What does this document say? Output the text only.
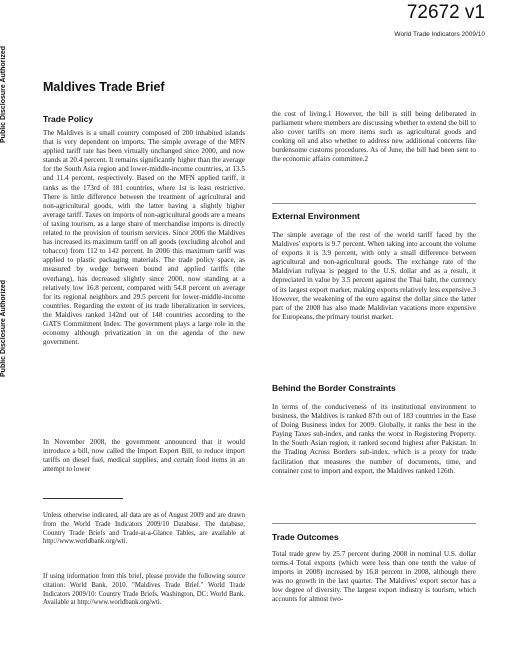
Public Disclosure Authorized
Public Disclosure Authorized
72672 v1
World Trade Indicators 2009/10
Maldives Trade Brief
Trade Policy

The Maldives is a small country composed of 200 inhabited islands that is very dependent on imports. The simple average of the MFN applied tariff rate has been virtually unchanged since 2000, and now stands at 20.4 percent. It remains significantly higher than the average for the South Asia region and lower-middle-income countries, at 13.5 and 11.4 percent, respectively. Based on the MFN applied tariff, it ranks as the 173rd of 181 countries, where 1st is least restrictive. There is little difference between the treatment of agricultural and non-agricultural goods, with the latter having a slightly higher average tariff. Taxes on imports of non-agricultural goods are a means of taxing tourism, as a large share of merchandise imports is directly related to the provision of tourism services. Since 2006 the Maldives has increased its maximum tariff on all goods (excluding alcohol and tobacco) from 112 to 142 percent. In 2006 this maximum tariff was applied to plastic packaging materials. The trade policy space, as measured by wedge between bound and applied tariffs (the overhang), has decreased slightly since 2000, now standing at a relatively low 16.8 percent, compared with 54.8 percent on average for its regional neighbors and 29.5 percent for lower-middle-income countries. Regarding the extent of its trade liberalization in services, the Maldives ranked 142nd out of 148 countries according to the GATS Commitment Index. The government plays a large role in the economy although privatization in on the agenda of the new government.

In November 2008, the government announced that it would introduce a bill, now called the Import Export Bill, to reduce import tariffs on diesel fuel, medical supplies, and certain food items in an attempt to lower

Unless otherwise indicated, all data are as of August 2009 and are drawn from the World Trade Indicators 2009/10 Database. The database, Country Trade Briefs and Trade-at-a-Glance Tables, are available at http://www.worldbank.org/wti.

If using information from this brief, please provide the following source citation: World Bank. 2010. "Maldives Trade Brief." World Trade Indicators 2009/10: Country Trade Briefs. Washington, DC: World Bank. Available at http://www.worldbank.org/wti.

the cost of living.1 However, the bill is still being deliberated in parliament where members are discussing whether to extend the bill to also cover tariffs on more items such as agricultural goods and cooking oil and also whether to address new additional concerns like burdensome customs procedures. As of June, the bill had been sent to the economic affairs committee.2

External Environment

The simple average of the rest of the world tariff faced by the Maldives' exports is 9.7 percent. When taking into account the volume of exports it is 3.9 percent, with only a small difference between agricultural and non-agricultural goods. The exchange rate of the Maldivian rufiyaa is pegged to the U.S. dollar and as a result, it depreciated in value by 3.5 percent against the Thai baht, the currency of its largest export market, making exports relatively less expensive.3 However, the weakening of the euro against the dollar since the latter part of the 2008 has also made Maldivian vacations more expensive for Europeans, the primary tourist market.

Behind the Border Constraints

In terms of the conduciveness of its institutional environment to business, the Maldives is ranked 87th out of 183 countries in the Ease of Doing Business index for 2009. Globally, it ranks the best in the Paying Taxes sub-index, and ranks the worst in Registering Property. In the South Asian region, it ranked second highest after Pakistan. In the Trading Across Borders sub-index, which is a proxy for trade facilitation that measures the number of documents, time, and container cost to import and export, the Maldives ranked 126th.

Trade Outcomes

Total trade grew by 25.7 percent during 2008 in nominal U.S. dollar terms.4 Total exports (which were less than one tenth the value of imports in 2008) increased by 16.8 percent in 2008, although there was no growth in the last quarter. The Maldives' export sector has a low degree of diversity. The largest export industry is tourism, which accounts for almost two-
